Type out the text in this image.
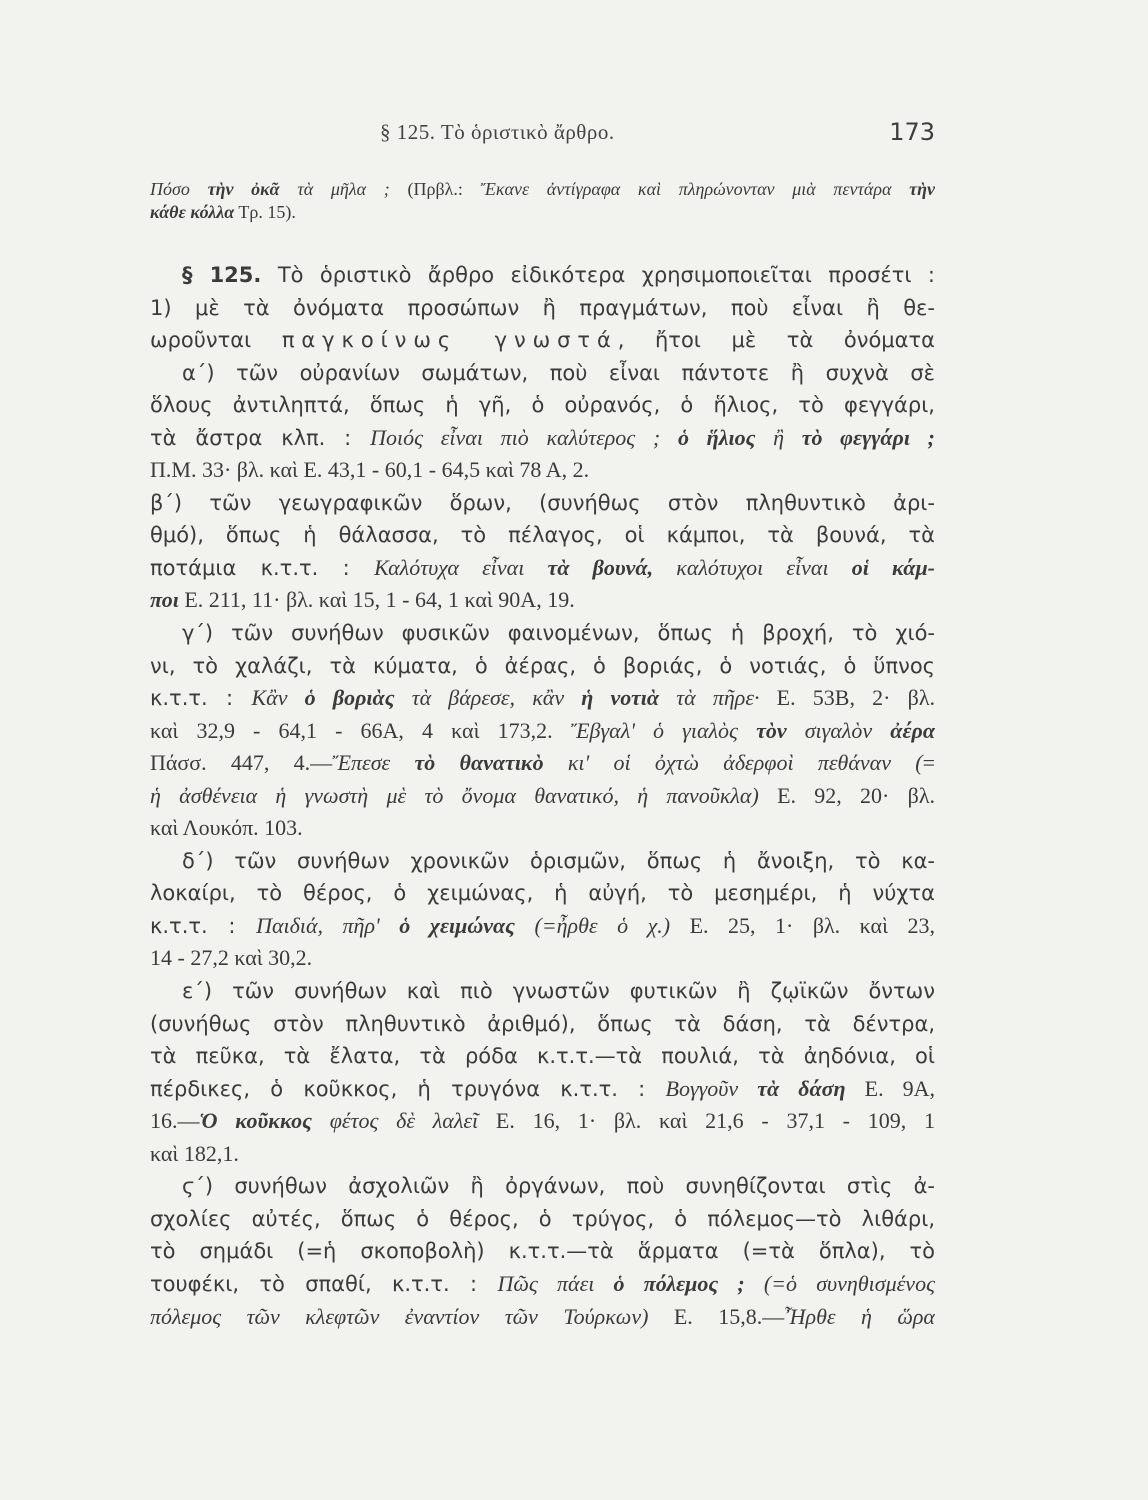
§ 125. Τὸ ὁριστικὸ ἄρθρο.	173
Πόσο τὴν ὀκᾶ τὰ μῆλα ; (Πρβλ.: Ἔκανε ἀντίγραφα καὶ πληρώνονταν μιὰ πεντάρα τὴν
κάθε κόλλα Τρ. 15).
§ 125. Τὸ ὁριστικὸ ἄρθρο εἰδικότερα χρησιμοποιεῖται προσέτι :
1) μὲ τὰ ὀνόματα προσώπων ἢ πραγμάτων, ποὺ εἶναι ἢ θε-
ωροῦνται παγκοίνως γνωστά, ἤτοι μὲ τὰ ὀνόματα
α΄) τῶν οὐρανίων σωμάτων, ποὺ εἶναι πάντοτε ἢ συχνὰ σὲ
ὅλους ἀντιληπτά, ὅπως ἡ γῆ, ὁ οὐρανός, ὁ ἥλιος, τὸ φεγγάρι,
τὰ ἄστρα κλπ. : Ποιός εἶναι πιὸ καλύτερος ; ὁ ἥλιος ἢ τὸ φεγγάρι ;
Π.Μ. 33· βλ. καὶ Ε. 43,1 - 60,1 - 64,5 καὶ 78 Α, 2.
β΄) τῶν γεωγραφικῶν ὅρων, (συνήθως στὸν πληθυντικὸ ἀρι-
θμό), ὅπως ἡ θάλασσα, τὸ πέλαγος, οἱ κάμποι, τὰ βουνά, τὰ
ποτάμια κ.τ.τ. : Καλότυχα εἶναι τὰ βουνά, καλότυχοι εἶναι οἱ κάμ-
ποι Ε. 211, 11· βλ. καὶ 15, 1 - 64, 1 καὶ 90Α, 19.
γ΄) τῶν συνήθων φυσικῶν φαινομένων, ὅπως ἡ βροχή, τὸ χιό-
νι, τὸ χαλάζι, τὰ κύματα, ὁ ἀέρας, ὁ βοριάς, ὁ νοτιάς, ὁ ὕπνος
κ.τ.τ. : Κἂν ὁ βοριὰς τὰ βάρεσε, κἂν ἡ νοτιὰ τὰ πῆρε· Ε. 53Β, 2· βλ.
καὶ 32,9 - 64,1 - 66Α, 4 καὶ 173,2. Ἔβγαλ' ὁ γιαλὸς τὸν σιγαλὸν ἀέρα
Πάσσ. 447, 4.—Ἔπεσε τὸ θανατικὸ κι' οἱ ὀχτὼ ἀδερφοὶ πεθάναν (=
ἡ ἀσθένεια ἡ γνωστὴ μὲ τὸ ὄνομα θανατικό, ἡ πανοῦκλα) Ε. 92, 20· βλ.
καὶ Λουκόπ. 103.
δ΄) τῶν συνήθων χρονικῶν ὁρισμῶν, ὅπως ἡ ἄνοιξη, τὸ κα-
λοκαίρι, τὸ θέρος, ὁ χειμώνας, ἡ αὐγή, τὸ μεσημέρι, ἡ νύχτα
κ.τ.τ. : Παιδιά, πῆρ' ὁ χειμώνας (=ἦρθε ὁ χ.) Ε. 25, 1· βλ. καὶ 23,
14 - 27,2 καὶ 30,2.
ε΄) τῶν συνήθων καὶ πιὸ γνωστῶν φυτικῶν ἢ ζῳϊκῶν ὄντων
(συνήθως στὸν πληθυντικὸ ἀριθμό), ὅπως τὰ δάση, τὰ δέντρα,
τὰ πεῦκα, τὰ ἔλατα, τὰ ρόδα κ.τ.τ.—τὰ πουλιά, τὰ ἀηδόνια, οἱ
πέρδικες, ὁ κοῦκκος, ἡ τρυγόνα κ.τ.τ. : Βογγοῦν τὰ δάση Ε. 9Α,
16.—Ὁ κοῦκκος φέτος δὲ λαλεῖ Ε. 16, 1· βλ. καὶ 21,6 - 37,1 - 109, 1
καὶ 182,1.
ϛ΄) συνήθων ἀσχολιῶν ἢ ὀργάνων, ποὺ συνηθίζονται στὶς ἀ-
σχολίες αὐτές, ὅπως ὁ θέρος, ὁ τρύγος, ὁ πόλεμος—τὸ λιθάρι,
τὸ σημάδι (=ἡ σκοποβολὴ) κ.τ.τ.—τὰ ἅρματα (=τὰ ὅπλα), τὸ
τουφέκι, τὸ σπαθί, κ.τ.τ. : Πῶς πάει ὁ πόλεμος ; (=ὁ συνηθισμένος
πόλεμος τῶν κλεφτῶν ἐναντίον τῶν Τούρκων) Ε. 15,8.—Ἦρθε ἡ ὥρα
